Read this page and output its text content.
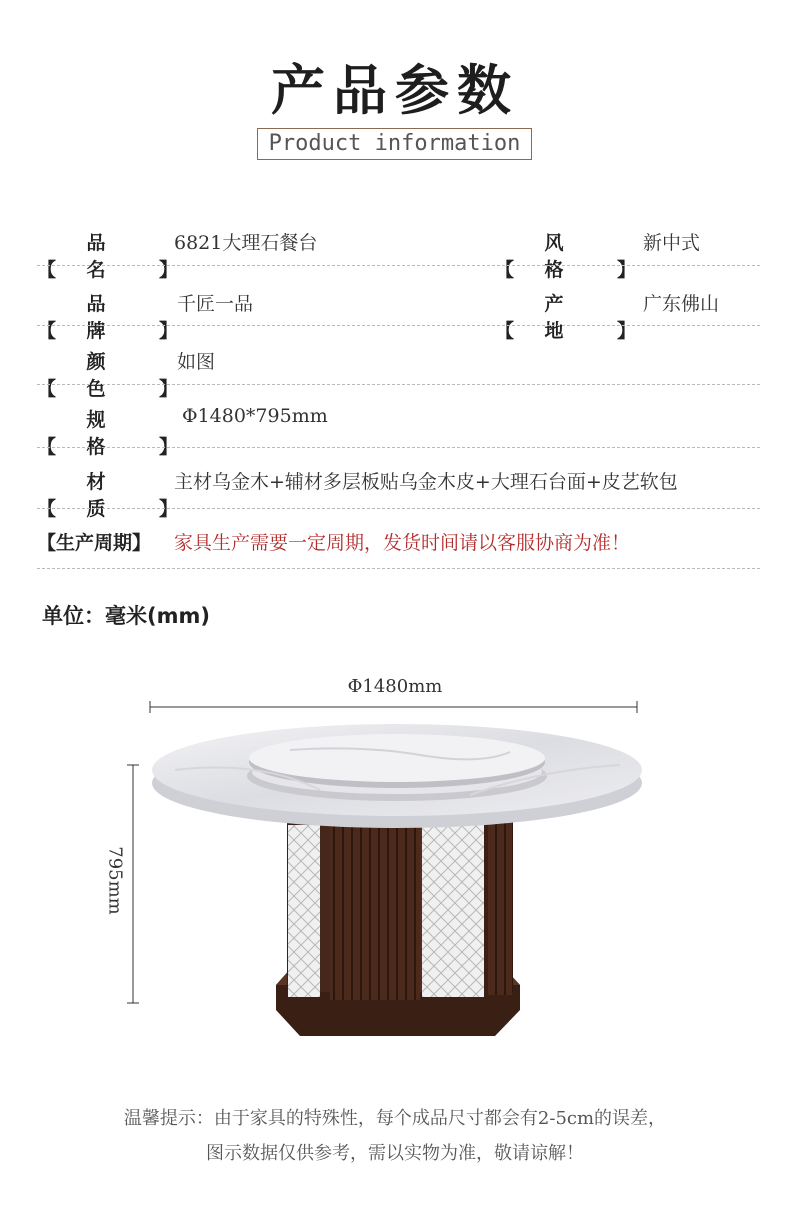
产品参数
Product information
【品 名 】
6821大理石餐台
【风 格 】
新中式
【品 牌 】
千匠一品
【产 地 】
广东佛山
【颜 色 】
如图
【规 格 】
Φ1480*795mm
【材 质 】
主材乌金木+辅材多层板贴乌金木皮+大理石台面+皮艺软包
【生产周期】 家具生产需要一定周期，发货时间请以客服协商为准！
单位：毫米(mm)
Φ1480mm
795mm
温馨提示：由于家具的特殊性，每个成品尺寸都会有2-5cm的误差，
图示数据仅供参考，需以实物为准，敬请谅解！
